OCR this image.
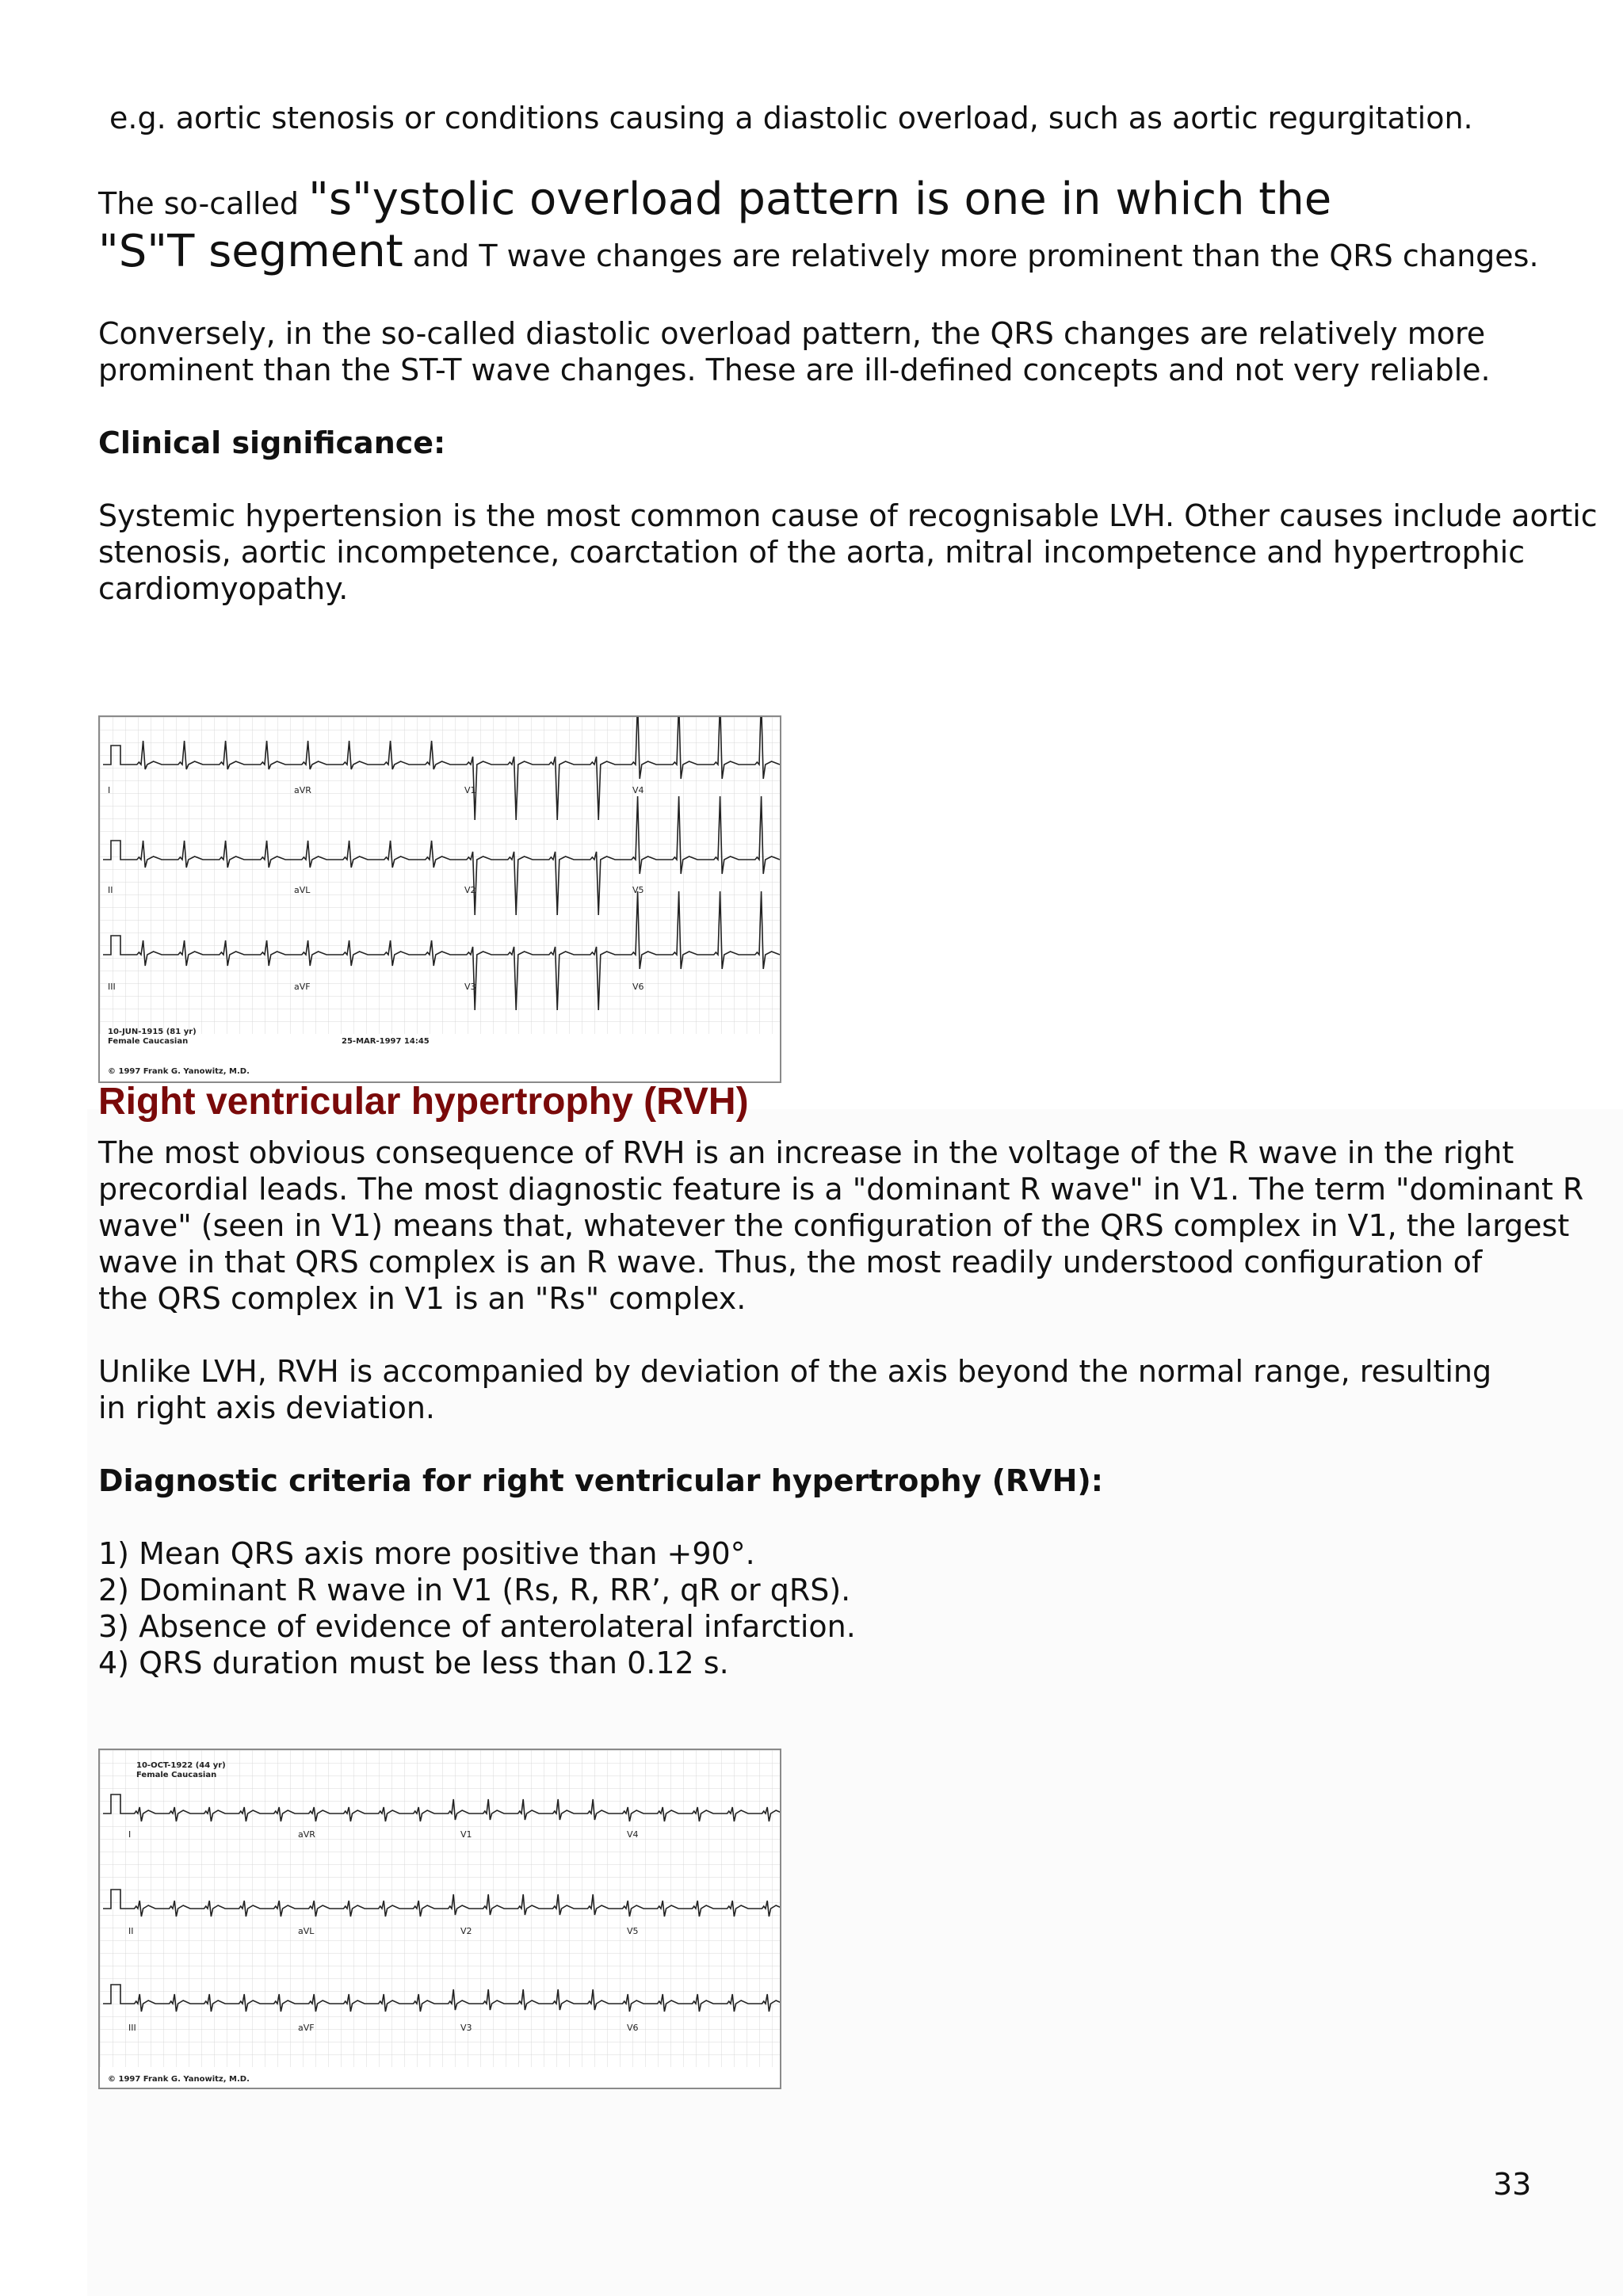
e.g. aortic stenosis or conditions causing a diastolic overload, such as aortic regurgitation.

The so-called "s"ystolic overload pattern is one in which the
"S"T segment and T wave changes are relatively more prominent than the QRS changes.

Conversely, in the so-called diastolic overload pattern, the QRS changes are relatively more

prominent than the ST-T wave changes. These are ill-defined concepts and not very reliable.

Clinical significance:

Systemic hypertension is the most common cause of recognisable LVH. Other causes include aortic

stenosis, aortic incompetence, coarctation of the aorta, mitral incompetence and hypertrophic

cardiomyopathy.

I	aVR	V1	V4
II	aVL	V2	V5
III	aVF	V3	V6
10-JUN-1915 (81 yr)
Female Caucasian	25-MAR-1997 14:45
© 1997 Frank G. Yanowitz, M.D.
Right ventricular hypertrophy (RVH)

The most obvious consequence of RVH is an increase in the voltage of the R wave in the right

precordial leads. The most diagnostic feature is a "dominant R wave" in V1. The term "dominant R

wave" (seen in V1) means that, whatever the configuration of the QRS complex in V1, the largest

wave in that QRS complex is an R wave. Thus, the most readily understood configuration of

the QRS complex in V1 is an "Rs" complex.

Unlike LVH, RVH is accompanied by deviation of the axis beyond the normal range, resulting

in right axis deviation.

Diagnostic criteria for right ventricular hypertrophy (RVH):

1) Mean QRS axis more positive than +90°.

2) Dominant R wave in V1 (Rs, R, RR’, qR or qRS).

3) Absence of evidence of anterolateral infarction.

4) QRS duration must be less than 0.12 s.

10-OCT-1922 (44 yr)
Female Caucasian
I	aVR	V1	V4
II	aVL	V2	V5
III	aVF	V3	V6
© 1997 Frank G. Yanowitz, M.D.

33
